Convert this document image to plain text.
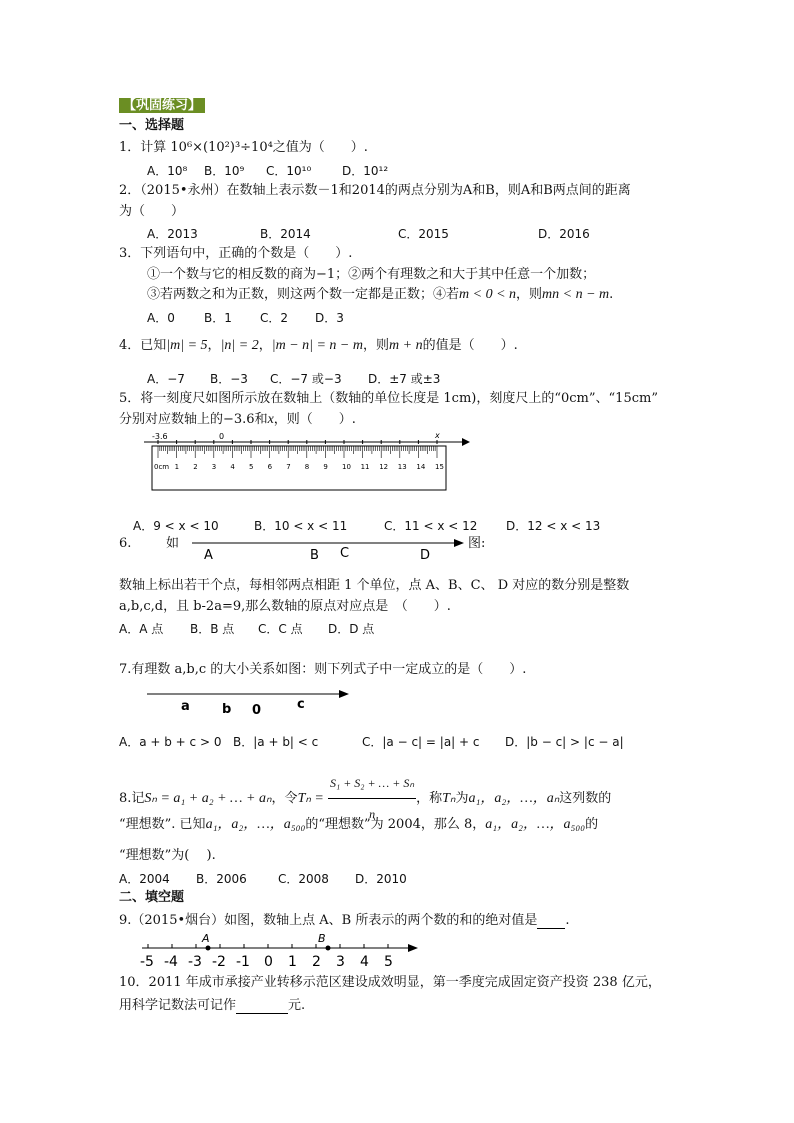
【巩固练习】
一、选择题
1．计算 10⁶×(10²)³÷10⁴之值为（　　）.
A．10⁸ B．10⁹ C．10¹⁰	D．10¹²
2．（2015•永州）在数轴上表示数－1和2014的两点分别为A和B，则A和B两点间的距离
为（　　）
A．2013	B．2014	C．2015	D．2016
3．下列语句中，正确的个数是（　　）.
①一个数与它的相反数的商为−1；②两个有理数之和大于其中任意一个加数；
③若两数之和为正数，则这两个数一定都是正数；④若m < 0 < n，则mn < n − m.
A．0 B．1 C．2 D．3
4．已知|m| = 5，|n| = 2，|m − n| = n − m，则m + n的值是（　　）.
A．−7 B．−3 C．−7 或−3 D．±7 或±3
5．将一刻度尺如图所示放在数轴上（数轴的单位长度是 1cm)，刻度尺上的“0cm”、“15cm”
分别对应数轴上的−3.6和x，则（　　）.
-3.6	0	x
0cm 1 2 3 4 5 6 7 8 9 10 11 12 13 14 15
A．9 < x < 10	B．10 < x < 11	C．11 < x < 12 D．12 < x < 13
6.	如
A	B C	D
图:
数轴上标出若干个点，每相邻两点相距 1 个单位，点 A、B、C、 D 对应的数分别是整数
a,b,c,d，且 b-2a=9,那么数轴的原点对应点是　（　　）.
A．A 点 B．B 点 C．C 点 D．D 点
7.有理数 a,b,c 的大小关系如图：则下列式子中一定成立的是（　　）.
a b 0	c
A．a + b + c > 0 B．|a + b| < c	C．|a − c| = |a| + c D．|b − c| > |c − a|
8.记Sₙ = a₁ + a₂ + … + aₙ，令$T_n = \frac{\text{S₁ + S₂ + … + Sₙ}}{n}$ ，称Tₙ为a₁，a₂，…，aₙ这列数的
“理想数”. 已知a₁，a₂，…，a₅₀₀的“理想数”为 2004，那么 8，a₁，a₂，…，a₅₀₀的
“理想数”为(　 ).
A．2004 B．2006	C．2008 D．2010
二、填空题
9.（2015•烟台）如图，数轴上点 A、B 所表示的两个数的和的绝对值是 .
-5 -4 -3 -2 -1 0 1 2 3 4 5
A	B
10．2011 年成市承接产业转移示范区建设成效明显，第一季度完成固定资产投资 238 亿元，
用科学记数法可记作	元.
